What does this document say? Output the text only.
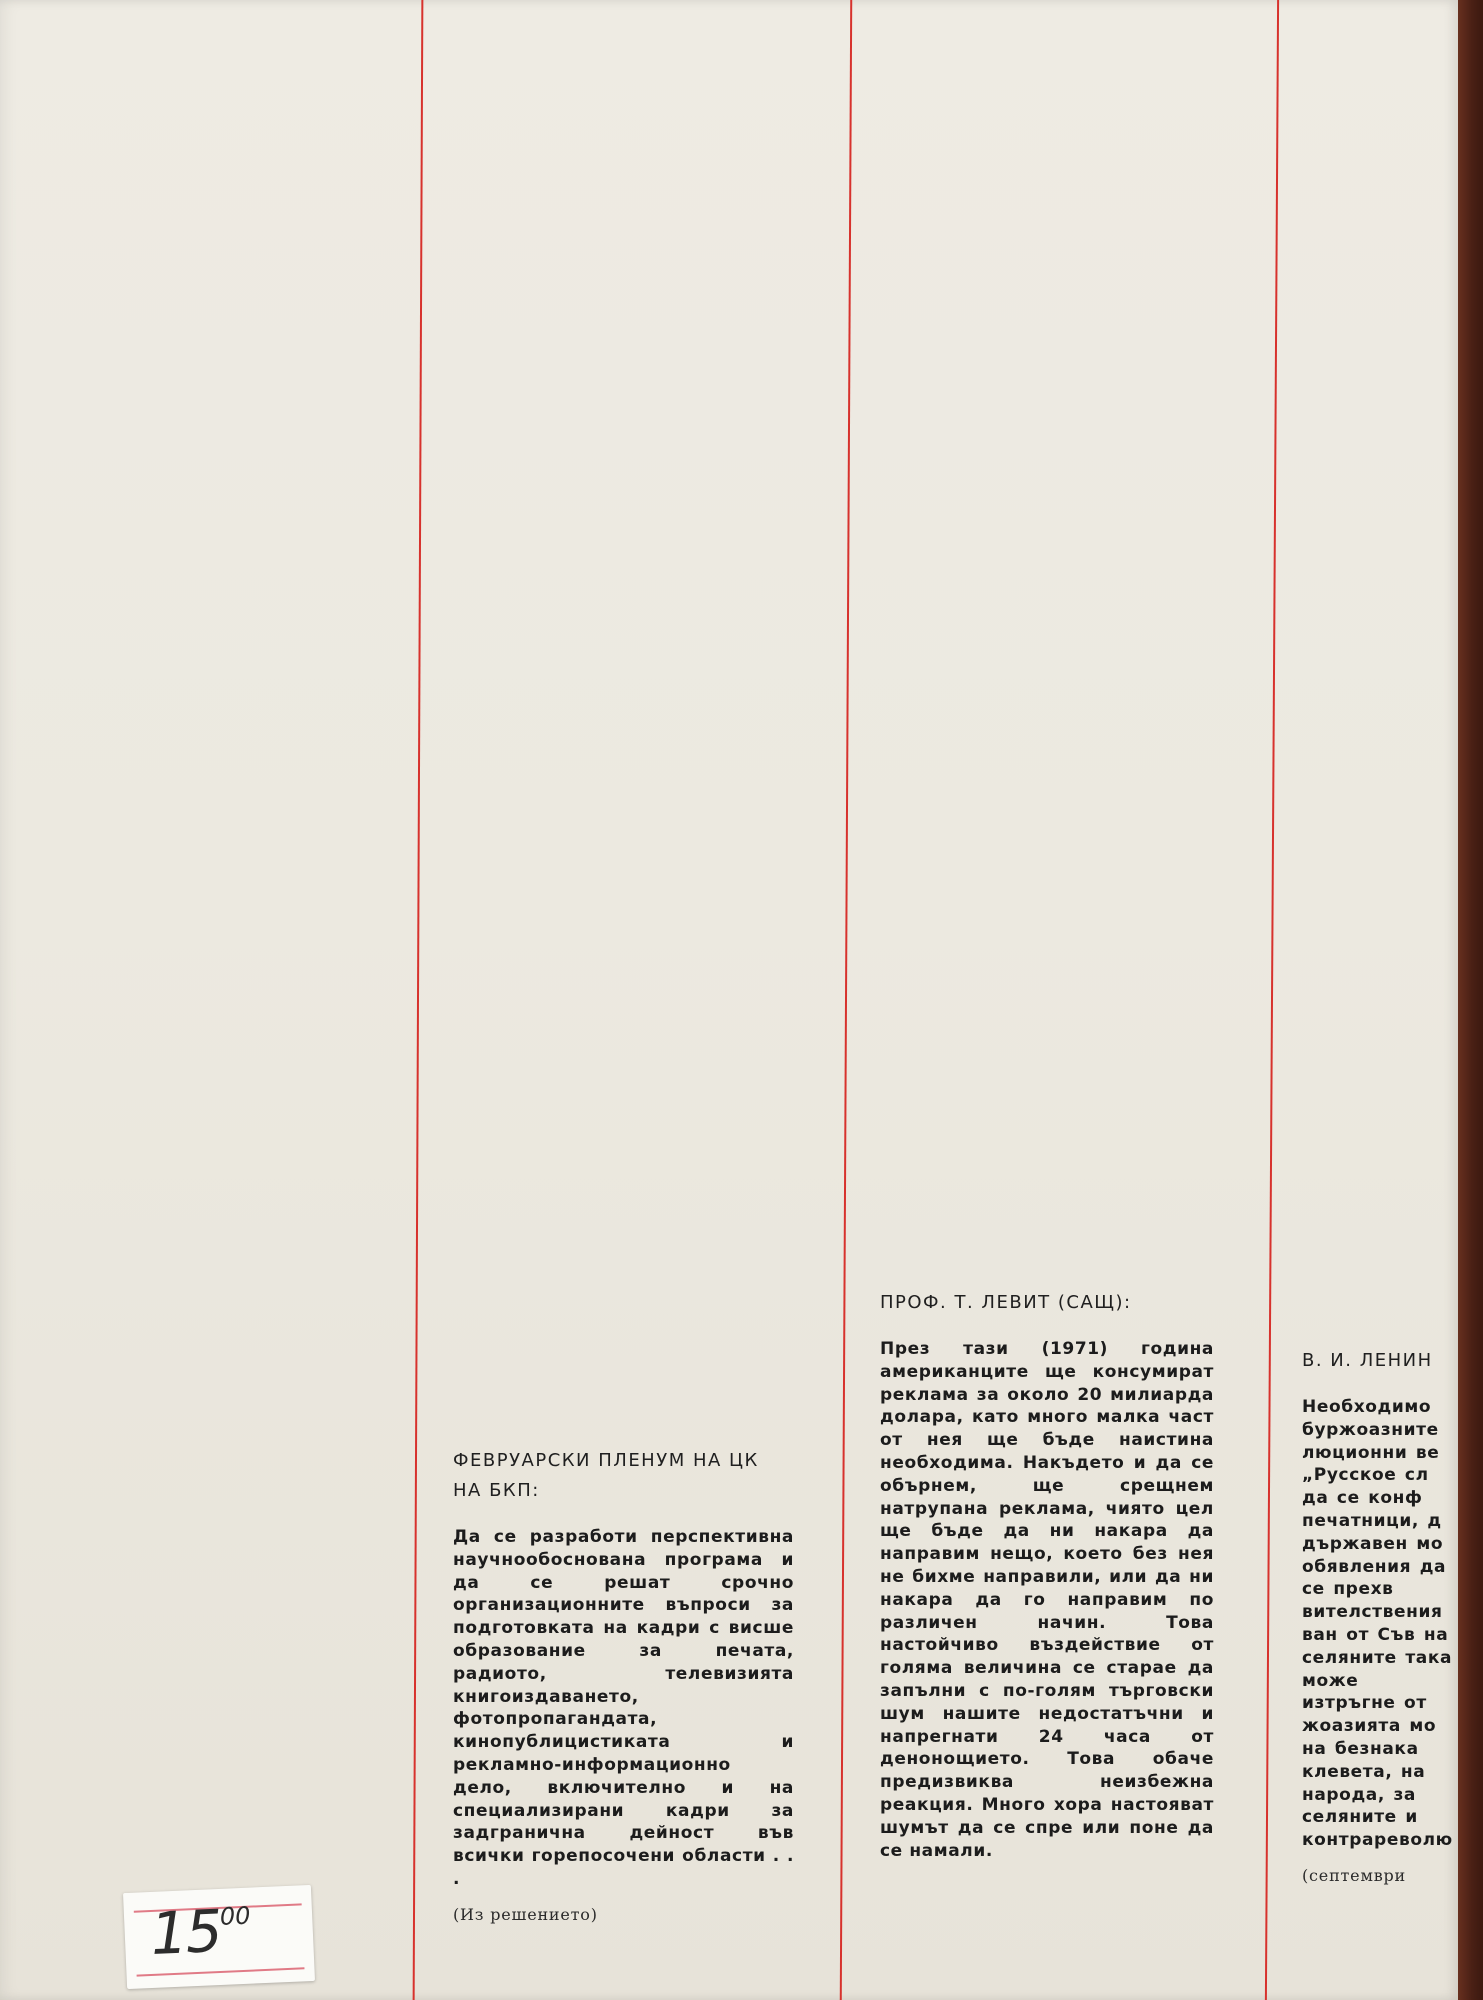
ФЕВРУАРСКИ ПЛЕНУМ НА ЦК НА БКП:

Да се разработи перспективна научнообоснована програма и да се решат срочно организационните въпроси за подготовката на кадри с висше образование за печата, радиото, телевизията книгоиздаването, фотопропагандата, кинопублицистиката и рекламно-информационно дело, включително и на специализирани кадри за задгранична дейност във всички горепосочени области . . .

(Из решението)
ПРОФ. Т. ЛЕВИТ (САЩ):

През тази (1971) година американците ще консумират реклама за около 20 милиарда долара, като много малка част от нея ще бъде наистина необходима. Накъдето и да се обърнем, ще срещнем натрупана реклама, чиято цел ще бъде да ни накара да направим нещо, което без нея не бихме направили, или да ни накара да го направим по различен начин. Това настойчиво въздействие от голяма величина се старае да запълни с по-голям търговски шум нашите недостатъчни и напрегнати 24 часа от денонощието. Това обаче предизвиква неизбежна реакция. Много хора настояват шумът да се спре или поне да се намали.

В. И. ЛЕНИН

Необходимо буржоазните люционни ве „Русское сл да се конф печатници, д държавен мо обявления да се прехв вителствения ван от Съв на селяните така може изтръгне от жоазията мо на безнака клевета, на народа, за селяните и контрареволю

(септември
$15^{00}$
